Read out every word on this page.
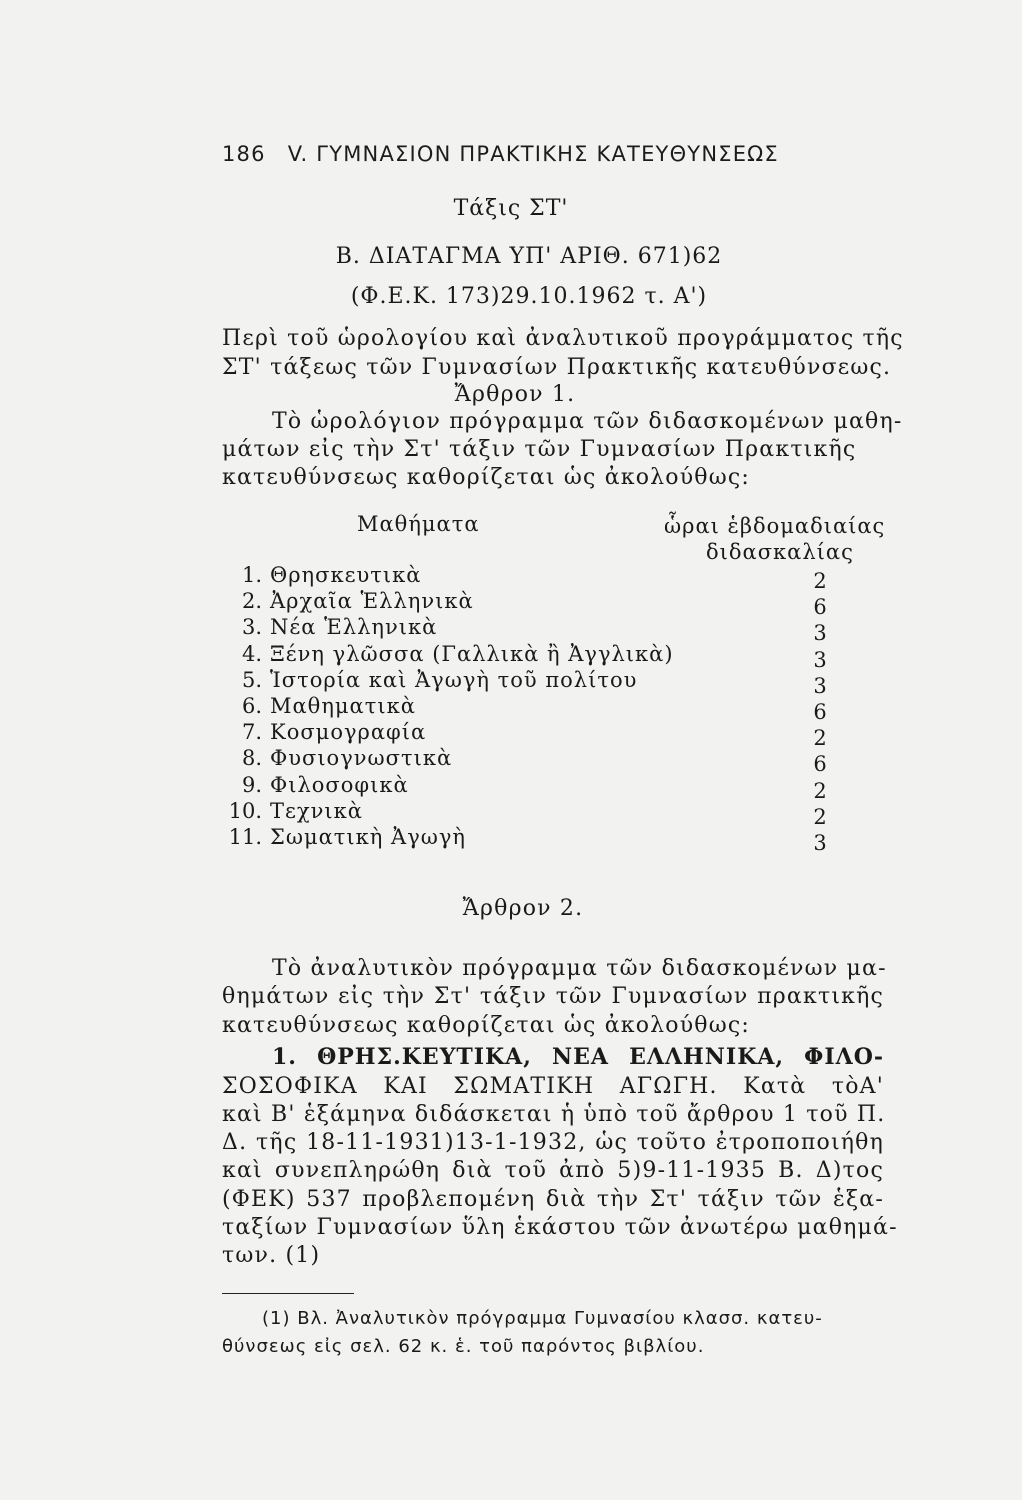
186 V. ΓΥΜΝΑΣΙΟΝ ΠΡΑΚΤΙΚΗΣ ΚΑΤΕΥΘΥΝΣΕΩΣ
Τάξις ΣΤ'
Β. ΔΙΑΤΑΓΜΑ ΥΠ' ΑΡΙΘ. 671)62
(Φ.Ε.Κ. 173)29.10.1962 τ. Α')
Περὶ τοῦ ὡρολογίου καὶ ἀναλυτικοῦ προγράμματος τῆς
ΣΤ' τάξεως τῶν Γυμνασίων Πρακτικῆς κατευθύνσεως.
Ἄρθρον 1.
Τὸ ὡρολόγιον πρόγραμμα τῶν διδασκομένων μαθη-
μάτων εἰς τὴν Στ' τάξιν τῶν Γυμνασίων Πρακτικῆς
κατευθύνσεως καθορίζεται ὡς ἀκολούθως:
Μαθήματα	ὧραι ἑβδομαδιαίας
διδασκαλίας
1. Θρησκευτικὰ	2
2. Ἀρχαῖα Ἑλληνικὰ	6
3. Νέα Ἑλληνικὰ	3
4. Ξένη γλῶσσα (Γαλλικὰ ἢ Ἀγγλικὰ)	3
5. Ἱστορία καὶ Ἀγωγὴ τοῦ πολίτου	3
6. Μαθηματικὰ	6
7. Κοσμογραφία	2
8. Φυσιογνωστικὰ	6
9. Φιλοσοφικὰ	2
10. Τεχνικὰ	2
11. Σωματικὴ Ἀγωγὴ	3
Ἄρθρον 2.
Τὸ ἀναλυτικὸν πρόγραμμα τῶν διδασκομένων μα-
θημάτων εἰς τὴν Στ' τάξιν τῶν Γυμνασίων πρακτικῆς
κατευθύνσεως καθορίζεται ὡς ἀκολούθως:
1. ΘΡΗΣ.ΚΕΥΤΙΚΑ, ΝΕΑ ΕΛΛΗΝΙΚΑ, ΦΙΛΟ-
ΣΟΣΟΦΙΚΑ ΚΑΙ ΣΩΜΑΤΙΚΗ ΑΓΩΓΗ. Κατὰ τὸΑ'
καὶ Β' ἑξάμηνα διδάσκεται ἡ ὑπὸ τοῦ ἄρθρου 1 τοῦ Π.
Δ. τῆς 18-11-1931)13-1-1932, ὡς τοῦτο ἐτροποποιήθη
καὶ συνεπληρώθη διὰ τοῦ ἀπὸ 5)9-11-1935 Β. Δ)τος
(ΦΕΚ) 537 προβλεπομένη διὰ τὴν Στ' τάξιν τῶν ἑξα-
ταξίων Γυμνασίων ὕλη ἑκάστου τῶν ἀνωτέρω μαθημά-
των. (1)
(1) Βλ. Ἀναλυτικὸν πρόγραμμα Γυμνασίου κλασσ. κατευ-
θύνσεως εἰς σελ. 62 κ. ἑ. τοῦ παρόντος βιβλίου.
